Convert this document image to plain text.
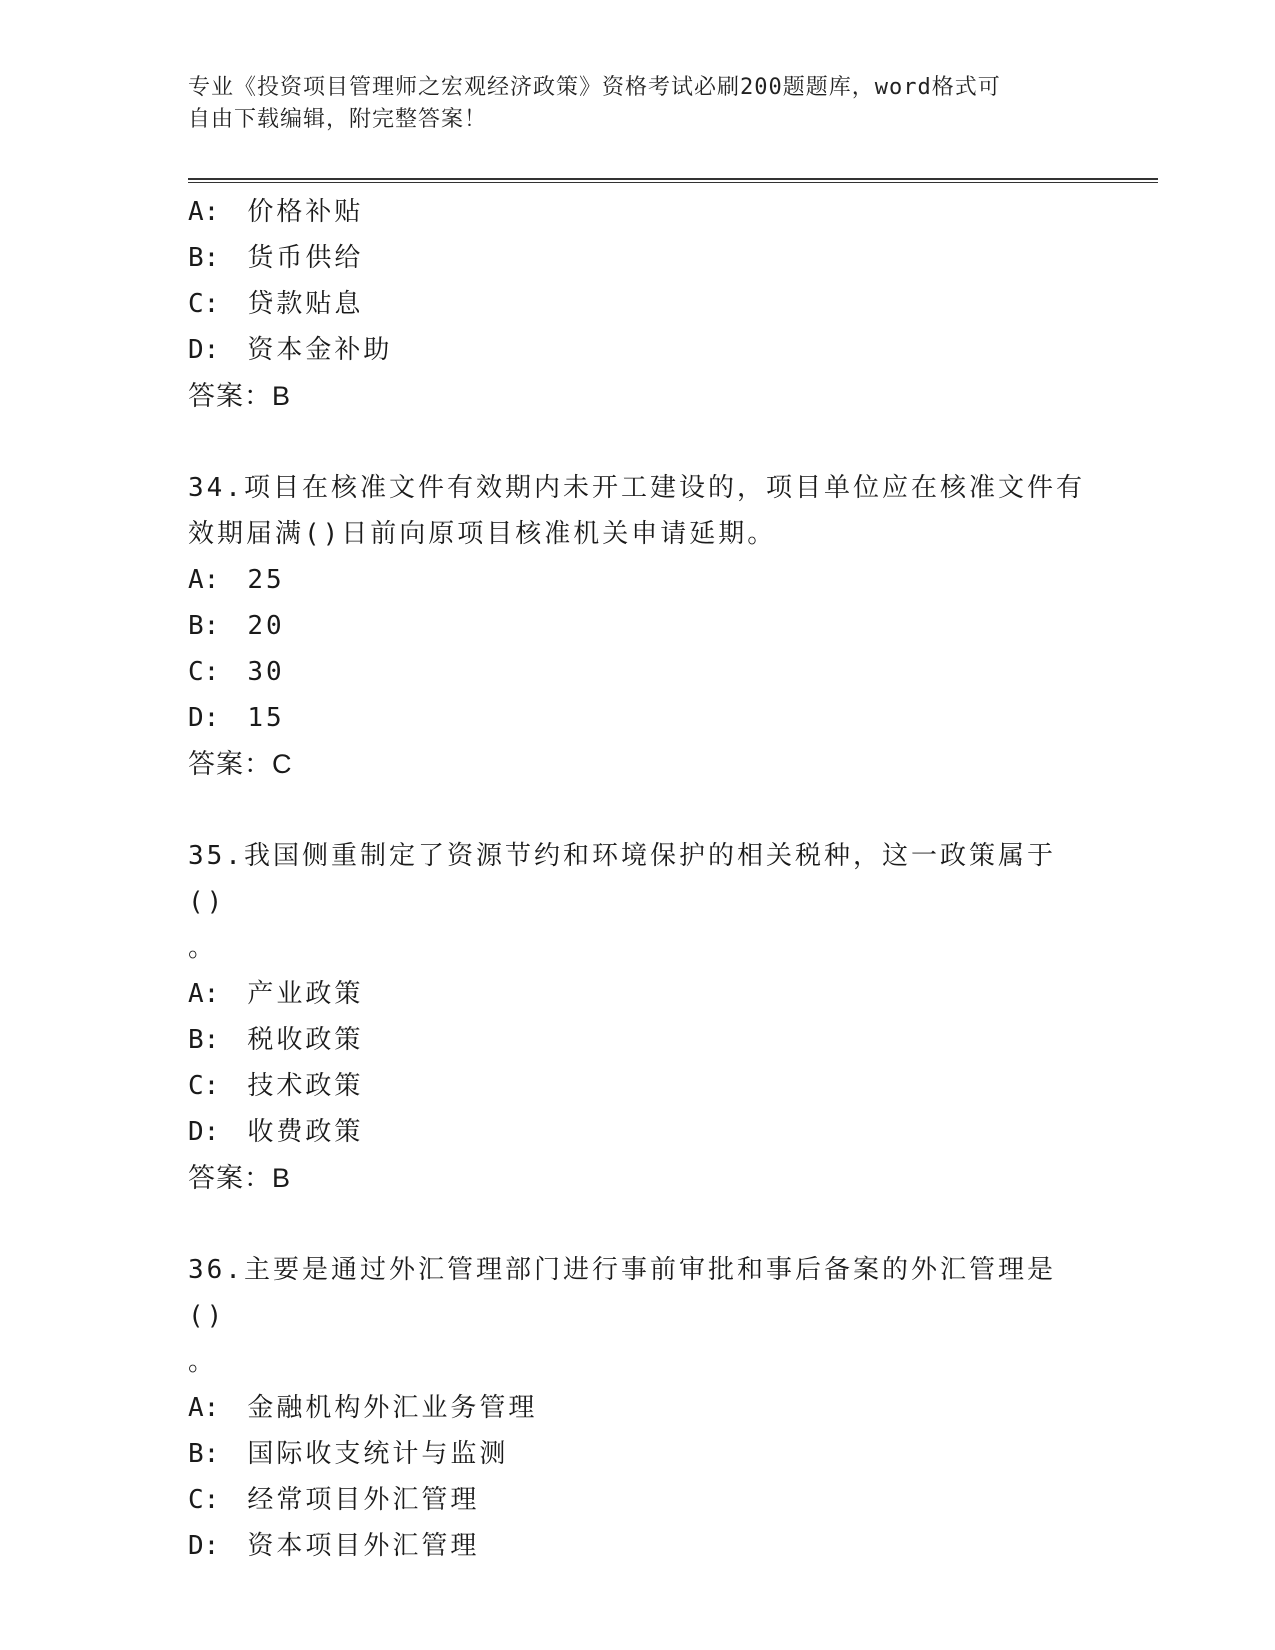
专业《投资项目管理师之宏观经济政策》资格考试必刷200题题库，word格式可
自由下载编辑，附完整答案！
A: 价格补贴
B: 货币供给
C: 贷款贴息
D: 资本金补助
答案：B
34.项目在核准文件有效期内未开工建设的，项目单位应在核准文件有
效期届满()日前向原项目核准机关申请延期。
A: 25
B: 20
C: 30
D: 15
答案：C
35.我国侧重制定了资源节约和环境保护的相关税种，这一政策属于()
。
A: 产业政策
B: 税收政策
C: 技术政策
D: 收费政策
答案：B
36.主要是通过外汇管理部门进行事前审批和事后备案的外汇管理是()
。
A: 金融机构外汇业务管理
B: 国际收支统计与监测
C: 经常项目外汇管理
D: 资本项目外汇管理
